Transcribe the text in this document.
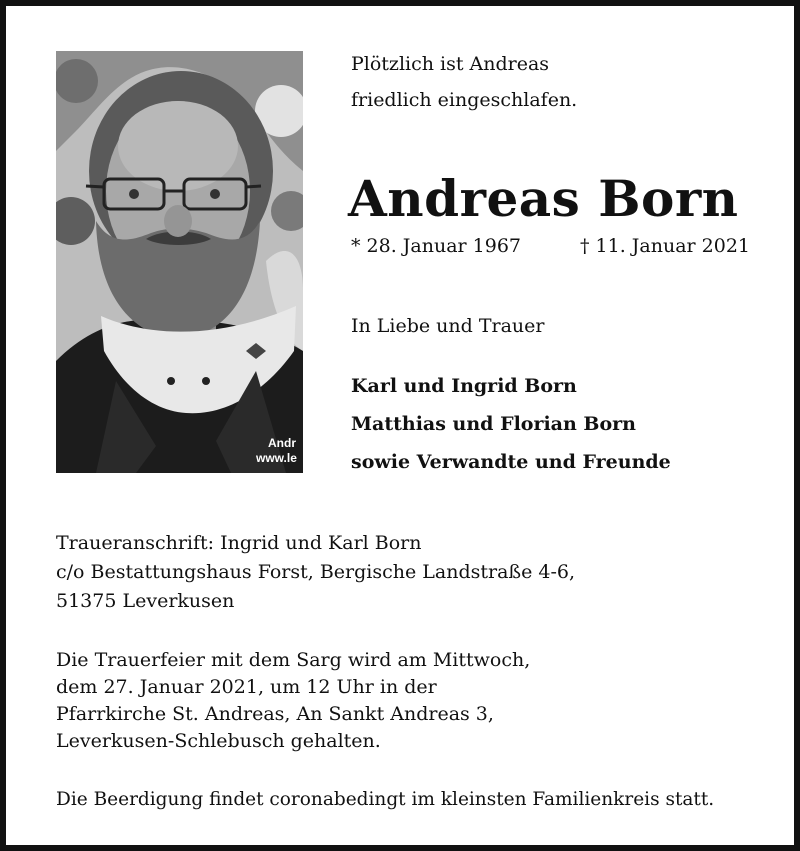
Andr
www.le
Plötzlich ist Andreas
friedlich eingeschlafen.
Andreas Born
* 28. Januar 1967	† 11. Januar 2021
In Liebe und Trauer
Karl und Ingrid Born
Matthias und Florian Born
sowie Verwandte und Freunde
Traueranschrift: Ingrid und Karl Born
c/o Bestattungshaus Forst, Bergische Landstraße 4-6,
51375 Leverkusen
Die Trauerfeier mit dem Sarg wird am Mittwoch,
dem 27. Januar 2021, um 12 Uhr in der
Pfarrkirche St. Andreas, An Sankt Andreas 3,
Leverkusen-Schlebusch gehalten.
Die Beerdigung findet coronabedingt im kleinsten Familienkreis statt.
